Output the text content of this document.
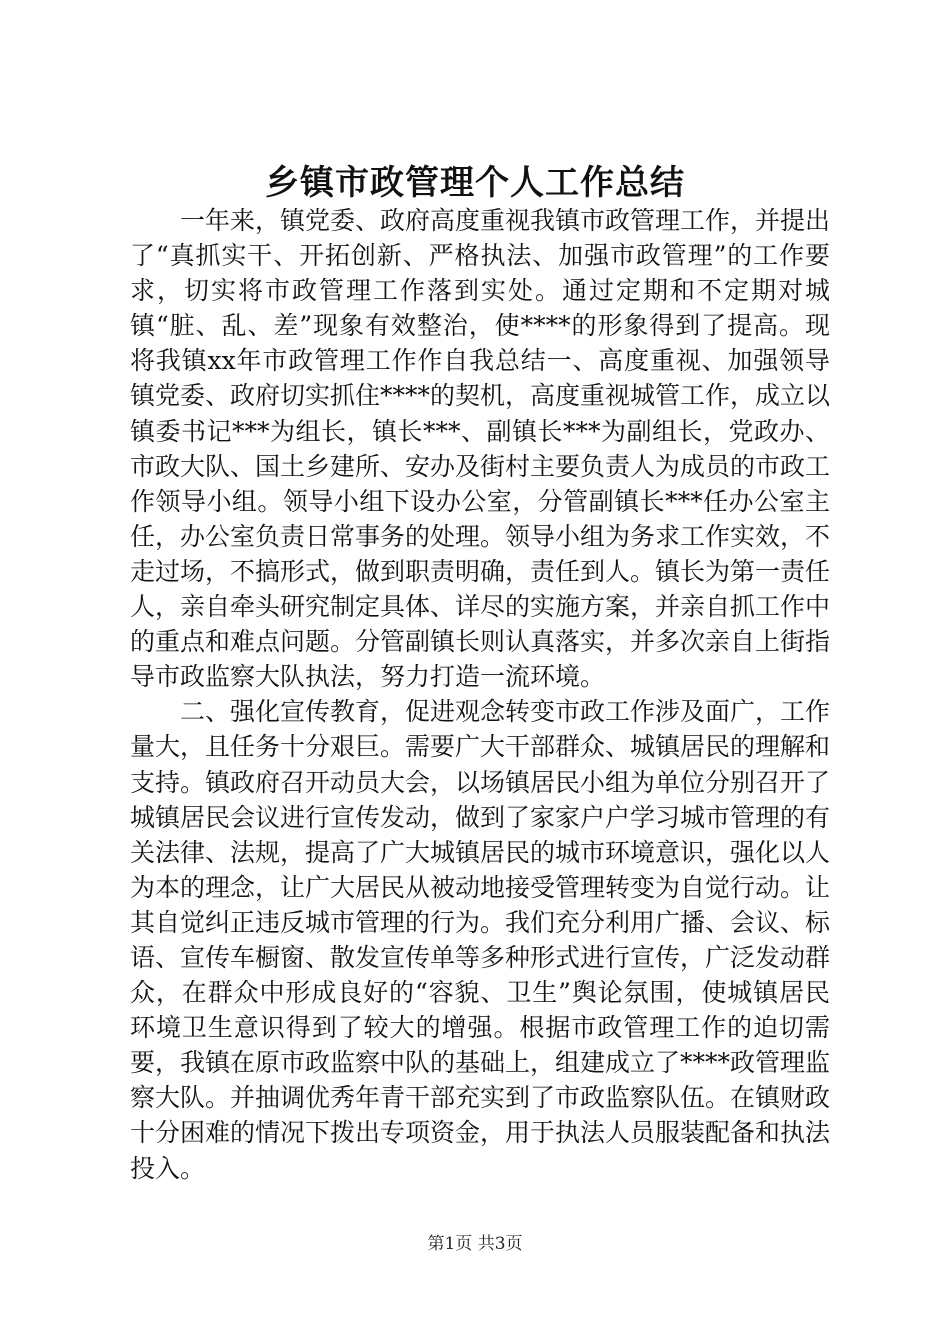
乡镇市政管理个人工作总结

一年来，镇党委、政府高度重视我镇市政管理工作，并提出了“真抓实干、开拓创新、严格执法、加强市政管理”的工作要求，切实将市政管理工作落到实处。通过定期和不定期对城镇“脏、乱、差”现象有效整治，使****的形象得到了提高。现将我镇xx年市政管理工作作自我总结一、高度重视、加强领导镇党委、政府切实抓住****的契机，高度重视城管工作，成立以镇委书记***为组长，镇长***、副镇长***为副组长，党政办、市政大队、国土乡建所、安办及街村主要负责人为成员的市政工作领导小组。领导小组下设办公室，分管副镇长***任办公室主任，办公室负责日常事务的处理。领导小组为务求工作实效，不走过场，不搞形式，做到职责明确，责任到人。镇长为第一责任人，亲自牵头研究制定具体、详尽的实施方案，并亲自抓工作中的重点和难点问题。分管副镇长则认真落实，并多次亲自上街指导市政监察大队执法，努力打造一流环境。

二、强化宣传教育，促进观念转变市政工作涉及面广，工作量大，且任务十分艰巨。需要广大干部群众、城镇居民的理解和支持。镇政府召开动员大会，以场镇居民小组为单位分别召开了城镇居民会议进行宣传发动，做到了家家户户学习城市管理的有关法律、法规，提高了广大城镇居民的城市环境意识，强化以人为本的理念，让广大居民从被动地接受管理转变为自觉行动。让其自觉纠正违反城市管理的行为。我们充分利用广播、会议、标语、宣传车橱窗、散发宣传单等多种形式进行宣传，广泛发动群众，在群众中形成良好的“容貌、卫生”舆论氛围，使城镇居民环境卫生意识得到了较大的增强。根据市政管理工作的迫切需要，我镇在原市政监察中队的基础上，组建成立了****政管理监察大队。并抽调优秀年青干部充实到了市政监察队伍。在镇财政十分困难的情况下拨出专项资金，用于执法人员服装配备和执法投入。

第1页 共3页
